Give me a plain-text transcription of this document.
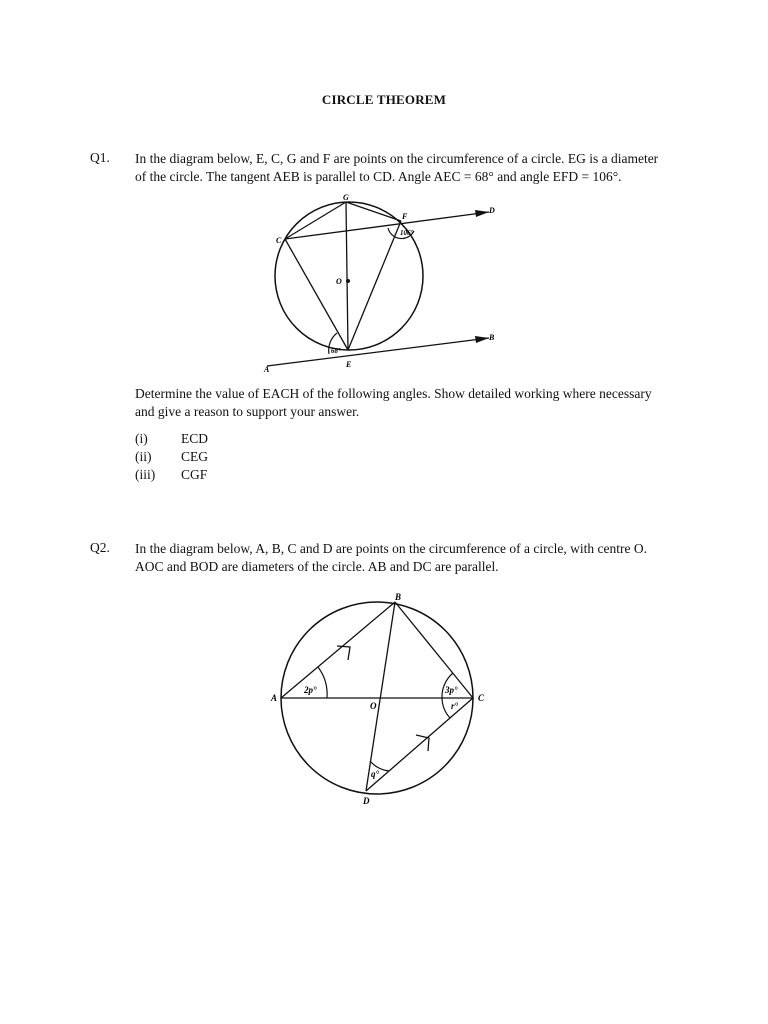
CIRCLE THEOREM
Q1. In the diagram below, E, C, G and F are points on the circumference of a circle. EG is a diameter
of the circle. The tangent AEB is parallel to CD. Angle AEC = 68° and angle EFD = 106°.
G
F
D
C
O
B
A
E
106°
68°
Determine the value of EACH of the following angles. Show detailed working where necessary
and give a reason to support your answer.
(i)	ECD
(ii)	CEG
(iii)	CGF
Q2. In the diagram below, A, B, C and D are points on the circumference of a circle, with centre O.
AOC and BOD are diameters of the circle. AB and DC are parallel.
B
A	C
D
O
2p°	3p°
r°
q°
